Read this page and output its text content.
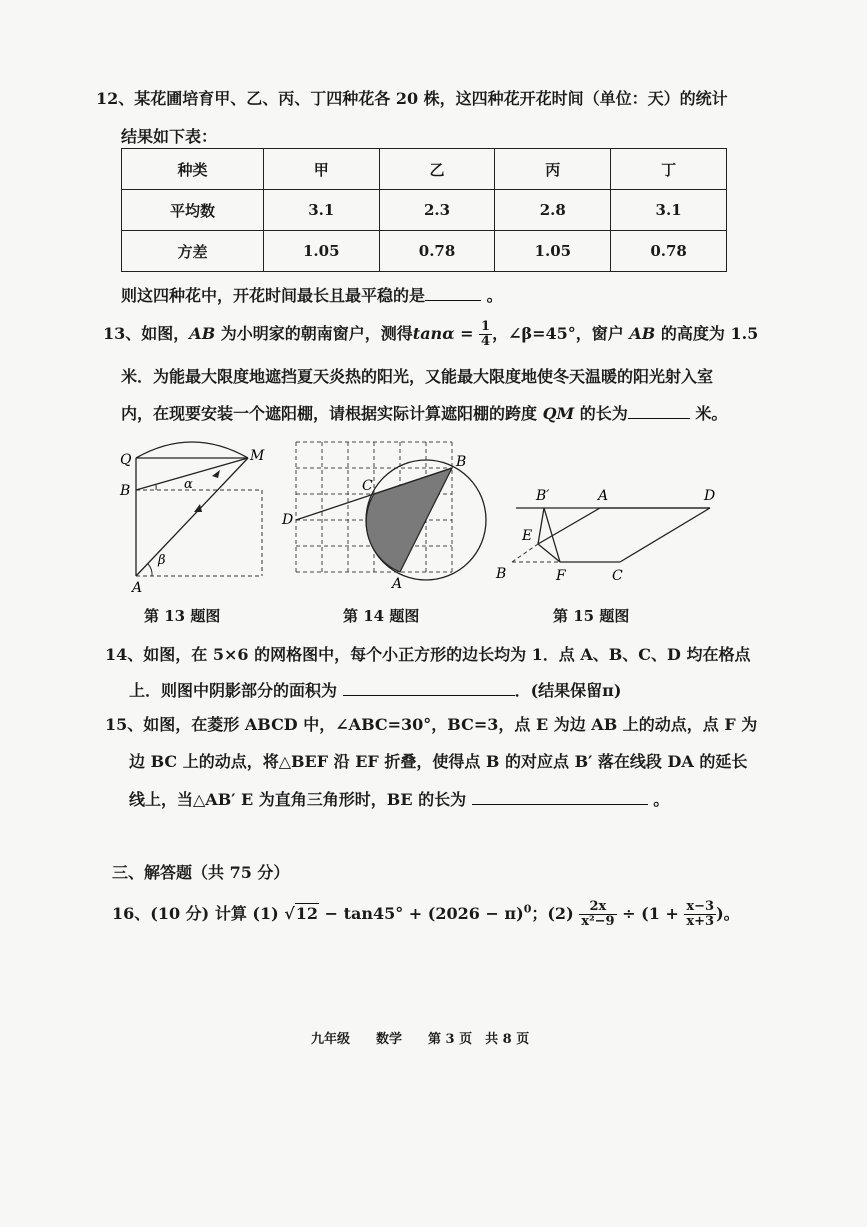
12、某花圃培育甲、乙、丙、丁四种花各 20 株，这四种花开花时间（单位：天）的统计
结果如下表：
种类	甲	乙	丙	丁
平均数	3.1	2.3	2.8	3.1
方差	1.05	0.78	1.05	0.78
则这四种花中，开花时间最长且最平稳的是	。
13、如图，AB 为小明家的朝南窗户，测得$\tan\alpha = \frac{1}{4}$ ，∠β=45°，窗户 AB 的高度为 1.5
米．为能最大限度地遮挡夏天炎热的阳光，又能最大限度地使冬天温暖的阳光射入室
内，在现要安装一个遮阳棚，请根据实际计算遮阳棚的跨度 QM 的长为	米。
Q	M
B	α
β
A
第 13 题图
B
C
D
A
第 14 题图
B′	A	D
E
B	F	C
第 15 题图
14、如图，在 5×6 的网格图中，每个小正方形的边长均为 1．点 A、B、C、D 均在格点
上．则图中阴影部分的面积为	．(结果保留π)
15、如图，在菱形 ABCD 中，∠ABC=30°，BC=3，点 E 为边 AB 上的动点，点 F 为
边 BC 上的动点，将△BEF 沿 EF 折叠，使得点 B 的对应点 B′ 落在线段 DA 的延长
线上，当△AB′ E 为直角三角形时，BE 的长为	。
三、解答题（共 75 分）
16、(10 分) 计算 (1) $√12 - \tan 45^\circ + (2026 - \pi)^0$；$(2) \frac{2x}{\text{x²−9}} \div (1 + \frac{x-3}{x+3}$ )。
九年级　　数学　　第 3 页　共 8 页
